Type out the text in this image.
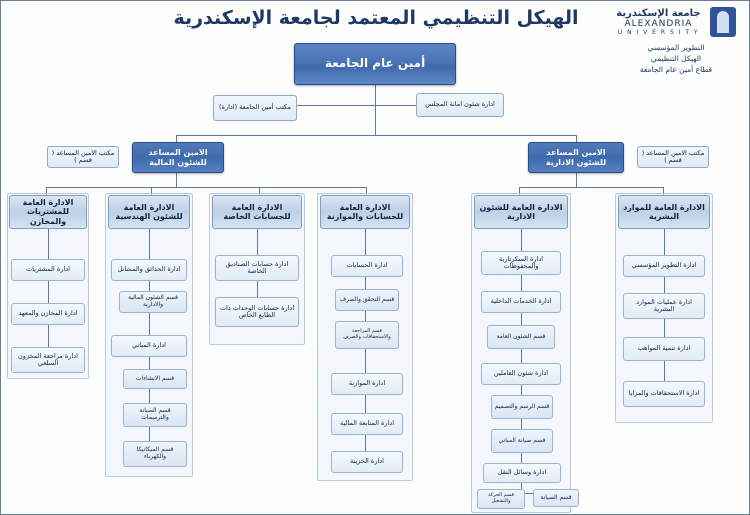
الهيكل التنظيمي المعتمد لجامعة الإسكندرية
	جامعة الإسكندرية
ALEXANDRIA
U N I V E R S I T Y
التطوير المؤسسي
الهيكل التنظيمي
قطاع أمين عام الجامعة
أمين عام الجامعة
ادارة شئون امانة المجلس
مكتب أمين الجامعة (ادارة)
الامين المساعد للشئون المالية
مكتب الامين المساعد ( قسم )
الامين المساعد للشئون الادارية
مكتب الامين المساعد ( قسم )
الادارة العامة للمشتريات والمخازن
ادارة المشتريات
ادارة المخازن والمعهد
ادارة مراجعة المخزون السلعي
الادارة العامة للشئون الهندسية
ادارة الحدائق والمشاتل
قسم الشئون المالية والادارية
ادارة المباني
قسم الانشاءات
قسم الصيانة والترميمات
قسم الميكانيكا والكهرباء
الادارة العامة للحسابات الخاصة
ادارة حسابات الصناديق الخاصة
ادارة حسابات الوحدات ذات الطابع الخاص
الادارة العامة للحسابات والموازنة
ادارة الحسابات
قسم التحقق والصرف
قسم المراجعة والاستحقاقات والصرف
ادارة الموازنة
ادارة المتابعة المالية
ادارة الخزينة
الادارة العامة للشئون الادارية
ادارة السكرتارية والمحفوظات
ادارة الخدمات الداخلية
قسم الشئون العامة
ادارة شئون العاملين
قسم الرسم والتصميم
قسم صيانة المباني
ادارة وسائل النقل
قسم الصيانة
قسم الحركة والتشغيل
الادارة العامة للموارد البشرية
ادارة التطوير المؤسسي
ادارة عمليات الموارد البشرية
ادارة تنمية المواهب
ادارة الاستحقاقات والمزايا
